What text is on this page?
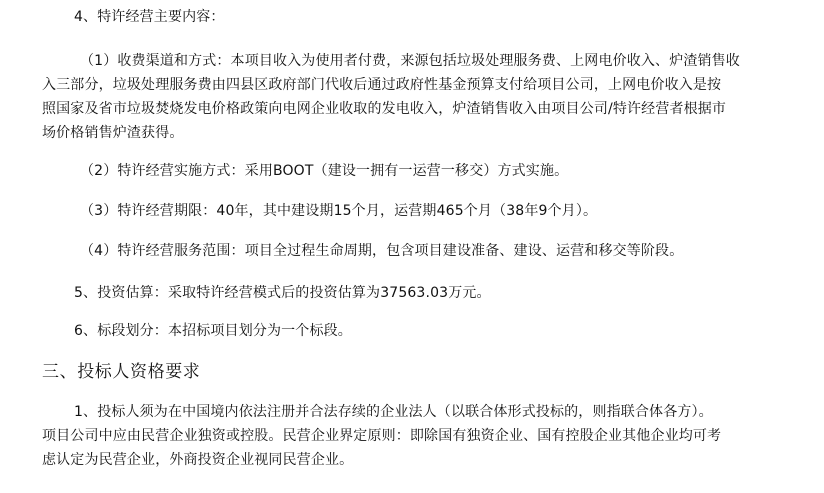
4、特许经营主要内容：
（1）收费渠道和方式：本项目收入为使用者付费，来源包括垃圾处理服务费、上网电价收入、炉渣销售收
入三部分，垃圾处理服务费由四县区政府部门代收后通过政府性基金预算支付给项目公司，上网电价收入是按
照国家及省市垃圾焚烧发电价格政策向电网企业收取的发电收入，炉渣销售收入由项目公司/特许经营者根据市
场价格销售炉渣获得。
（2）特许经营实施方式：采用BOOT（建设一拥有一运营一移交）方式实施。
（3）特许经营期限：40年，其中建设期15个月，运营期465个月（38年9个月）。
（4）特许经营服务范围：项目全过程生命周期，包含项目建设准备、建设、运营和移交等阶段。
5、投资估算：采取特许经营模式后的投资估算为37563.03万元。
6、标段划分：本招标项目划分为一个标段。
三、投标人资格要求
1、投标人须为在中国境内依法注册并合法存续的企业法人（以联合体形式投标的，则指联合体各方）。
项目公司中应由民营企业独资或控股。民营企业界定原则：即除国有独资企业、国有控股企业其他企业均可考
虑认定为民营企业，外商投资企业视同民营企业。
